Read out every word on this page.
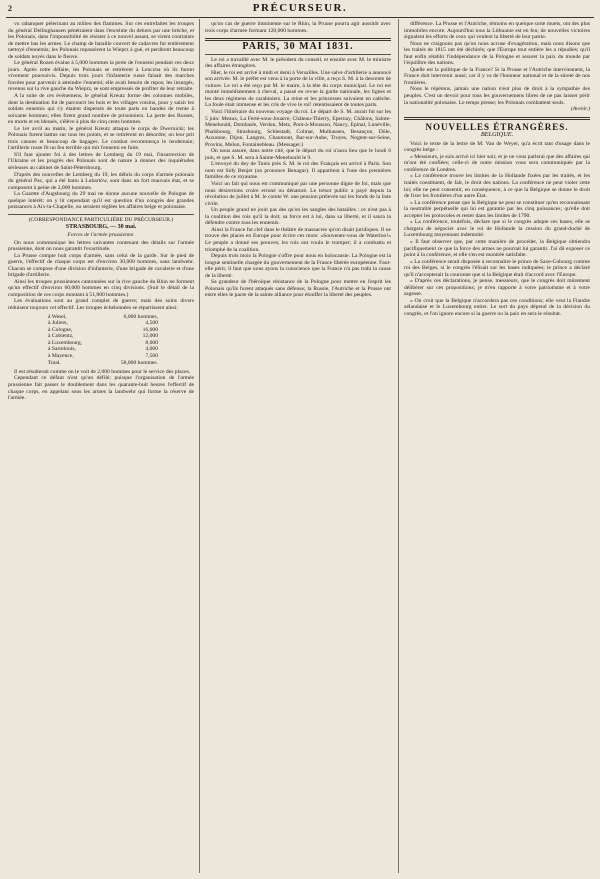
2	PRÉCURSEUR.

vu rabanquer pèlerinant au milieu des flammes. Sur ces entrefaites les troupes du général Dellinghausen pénétraient dans l'enceinte du dehors par une brèche, et les Polonais, dans l'impossibilité de résister à ce nouvel assaut, se virent contraints de mettre bas les armes. Le champ de bataille couvert de cadavres fut entièrement nettoyé d'ennemis; les Polonais repassèrent la Wieprz à gué, et perdirent beaucoup de soldats noyés dans le fleuve.

Le général Rozen évalue à 5,000 hommes la perte de l'ennemi pendant ces deux jours. Après cette défaite, les Polonais se retirèrent à Lenczna où ils furent vivement poursuivis. Depuis trois jours l'infanterie russe faisait des marches forcées pour parvenir à atteindre l'ennemi; elle avait besoin de repos; les insurgés, revenus sur la rive gauche du Wieprz, se sont empressés de profiter de leur retraite.

A la suite de ces événemens, le général Kreutz forme des colonnes mobiles, dont la destination fut de parcourir les bois et les villages voisins, pour y saisir les soldats ennemis qui s'y étaient dispersés de toute parts en bandes de trente à soixante hommes; elles firent grand nombre de prisonniers. La perte des Russes, en morts et en blessés, s'élève à plus de cinq cents hommes.

Le 1er avril au matin, le général Kreutz attaqua le corps de Dwernicki; les Polonais furent battus sur tous les points, et se retirèrent en désordre; on leur prit trois canons et beaucoup de bagages. Le combat recommença le lendemain; l'artillerie russe fit un feu terrible qui mit l'ennemi en fuite.

S'il faut ajouter foi à des lettres de Lemberg du 19 mai, l'insurrection de l'Ukraine et les progrès des Polonais sont de nature à donner des inquiétudes sérieuses au cabinet de Saint-Pétersbourg.

D'après des nouvelles de Lemberg du 19, les débris du corps d'armée polonais du général Pac, qui a été battu à Lubartów, sont dans un fort mauvais état, et se composent à peine de 2,000 hommes.

La Gazette d'Augsbourg du 29 mai ne donne aucune nouvelle de Pologne de quelque intérêt; on y lit cependant qu'il est question d'un congrès des grandes puissances à Aix-la-Chapelle, ou seraient réglées les affaires belge et polonaise.

(CORRESPONDANCE PARTICULIÈRE DU PRÉCURSEUR.)

STRASBOURG, — 30 mai.

Forces de l'armée prussienne.

On nous communique les lettres suivantes contenant des détails sur l'armée prussienne, dont on nous garantit l'exactitude.

La Prusse compte huit corps d'armée, sans celui de la garde. Sur le pied de guerre, l'effectif de chaque corps est d'environ 30,000 hommes, sans landwehr. Chacun se compose d'une division d'infanterie, d'une brigade de cavalerie et d'une brigade d'artillerie.

Ainsi les troupes prussiennes cantonnées sur la rive gauche du Rhin ne forment qu'un effectif d'environ 60,000 hommes en cinq divisions. (Suit le détail de la composition de ces corps montant à 51,800 hommes.)

Les évaluations sont au grand complet de guerre; mais des soins divers réduisent toujours cet effectif. Les troupes échelonnées se répartissent ainsi:

à Wesel,	6,000 hommes,
à Juliers,	4,500
à Cologne,	16,000
à Coblentz,	12,000
à Luxembourg,	8,000
à Sarrelouis,	4,000
à Mayence,	7,500
Total.	58,000 hommes.

Il est résulterait comme on le voit de 2,000 hommes pour le service des places.

Cependant ce défaut n'est qu'un défilé; puisque l'organisation de l'armée prussienne fait passer le doublement dans les quarante-huit heures l'effectif de chaque corps, en appelant sous les armes la landwehr qui forme la réserve de l'armée.

qu'on cas de guerre imminente sur le Rhin, la Prusse pourra agir aussitôt avec trois corps d'armée formant 120,000 hommes.

PARIS, 30 MAI 1831.

Le roi a travaillé avec M. le président du conseil, et ensuite avec M. le ministre des affaires étrangères.

Hier, le roi est arrivé à midi et demi à Versailles. Une salve d'artillerie a annoncé son arrivée. M. le préfet est venu à la porte de la ville, a reçu S. M. à la descente de voiture. Le roi a été reçu par M. le maire, à la tête du corps municipal. Le roi est monté immédiatement à cheval, a passé en revue la garde nationale, les lignes et les deux régimens de carabiniers. La reine et les princesses suivaient en calèche. La foule était immense et les cris de vive le roi! retentissaient de toutes parts.

Voici l'itinéraire du nouveau voyage du roi. Le départ de S. M. aurait fut sur les 5 juin: Meaux, La Ferté-sous-Jouarre, Château-Thierry, Epernay, Châlons, Sainte-Menehould, Dombasle, Verdun, Metz, Pont-à-Mousson, Nancy, Epinal, Lunéville, Phalsbourg, Strasbourg, Schlestadt, Colmar, Mulhausen, Besançon, Dôle, Auxonne, Dijon, Langres, Chaumont, Bar-sur-Aube, Troyes, Nogent-sur-Seine, Provins, Melun, Fontainebleau. (Messager.)

On nous assure, dans notre cité, que le départ du roi n'aura lieu que le lundi 6 juin, et que S. M. sera à Sainte-Menehould le 9.

L'envoyé du dey de Tunis près S. M. le roi des Français est arrivé à Paris. Son nom est Sidy Benjet (on prononce Benagur). Il appartient à l'une des premières familles de ce royaume.

Voici un fait qui nous est communiqué par une personne digne de foi, mais que nous désirerions croire erroné ou dénaturé. Le trésor public a payé depuis la révolution de juillet à M. le comte W. une pension prélevée sur les fonds de la liste civile.

Un peuple grand ne jouit pas des qu'on les sangles des batailles : ce n'est pas à la coalition des rois qu'il la doit; sa force est à lui, dans sa liberté, et il saura la défendre contre tous les ennemis.

Ainsi la France fut clef dans le théâtre de massacres qu'on disait juridiques. Il ne trouve des places en Europe pour écrire ces mots: «Souvenez-vous de Waterloo!» Le peuple a donné ses preuves; les rois ont voulu le tromper; il a combattu et triomphé de la coalition.

Depuis trois mois la Pologne s'offre pour nous en holocauste. La Pologne est la longue sentinelle chargée du gouvernement de la France libérée européenne. Faut-elle périr, il faut que nous ayons la conscience que la France n'a pas trahi la cause de la liberté.

Sa grandeur de l'héroïque résistance de la Pologne pour mettre en l'esprit les Polonais qu'ils furent attaqués sans défense; la Russie, l'Autriche et la Prusse ont entre elles le pacte de la sainte alliance pour étouffer la liberté des peuples.

différence. La Prusse et l'Autriche, témoins en quelque sorte muets, ont des plus immobiles encore. Aujourd'hui tous la Lithuanie est en feu; de nouvelles victoires signalent les efforts de ceux qui veulent la liberté de leur patrie.

Nous ne craignons pas qu'on nous accuse d'exagération, mais nous disons que les traités de 1815 ont été déchirés; que l'Europe tout entière les a répudiés; qu'il faut enfin rétablir l'indépendance de la Pologne et assurer la paix du monde par l'équilibre des nations.

Quelle est la politique de la France? Si la Prusse et l'Autriche interviennent, la France doit intervenir aussi; car il y va de l'honneur national et de la sûreté de nos frontières.

Nous le répétons, jamais une nation n'eut plus de droit à la sympathie des peuples. C'est un devoir pour tous les gouvernemens libres de ne pas laisser périr la nationalité polonaise. Le temps presse; les Polonais combattent seuls.

(Avenir.)

NOUVELLES ÉTRANGÈRES.
BELGIQUE.

Voici le texte de la lettre de M. Van de Weyer, qu'a écrit tant d'usage dans le congrès belge :

« Messieurs, je suis arrivé ici hier soir, et je ne vous parlerai que des affaires qui m'ont été confiées; celle-ci de notre mission vous sera communiquée par la conférence de Londres.

« La conférence trouve les limites de la Hollande fixées par les traités, et les traités constituent, de fait, le droit des nations. La conférence ne peut violer cette loi; elle ne peut consentir, en conséquence, à ce que la Belgique se donne le droit de fixer les frontières d'un autre État.

« La conférence pense que la Belgique ne peut se constituer qu'en reconnaissant la neutralité perpétuelle qui lui est garantie par les cinq puissances; qu'elle doit accepter les protocoles et rester dans les limites de 1790.

« La conférence, toutefois, déclare que si le congrès adopte ces bases, elle se chargera de négocier avec le roi de Hollande la cession du grand-duché de Luxembourg moyennant indemnité.

« Il faut observer que, par cette manière de procéder, la Belgique obtiendra pacifiquement ce que la force des armes ne pourrait lui garantir. J'ai dû exposer ce point à la conférence, et elle s'en est montrée satisfaite.

« La conférence serait disposée à reconnaître le prince de Saxe-Cobourg comme roi des Belges, si le congrès l'élisait sur les bases indiquées; le prince a déclaré qu'il n'accepterait la couronne que si la Belgique était d'accord avec l'Europe.

« D'après ces déclarations, je pense, messieurs, que le congrès doit mûrement délibérer sur ces propositions; je m'en rapporte à votre patriotisme et à votre sagesse.

« On croit que la Belgique n'accordera pas ces conditions; elle veut la Flandre zélandaise et le Luxembourg entier. Le sort du pays dépend de la décision du congrès, et l'on ignore encore si la guerre ou la paix en sera le résultat.
